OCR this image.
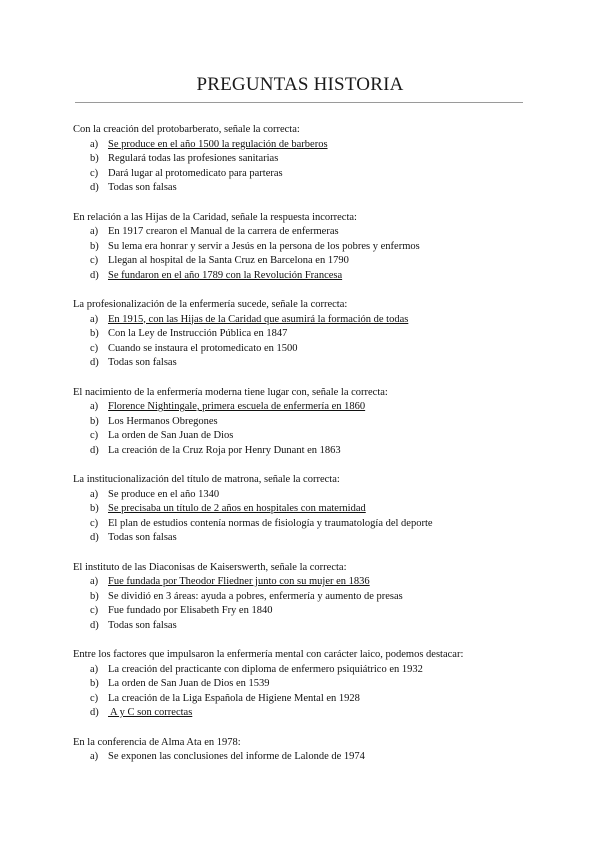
PREGUNTAS HISTORIA
Con la creación del protobarberato, señale la correcta:
a) Se produce en el año 1500 la regulación de barberos
b) Regulará todas las profesiones sanitarias
c) Dará lugar al protomedicato para parteras
d) Todas son falsas
En relación a las Hijas de la Caridad, señale la respuesta incorrecta:
a) En 1917 crearon el Manual de la carrera de enfermeras
b) Su lema era honrar y servir a Jesús en la persona de los pobres y enfermos
c) Llegan al hospital de la Santa Cruz en Barcelona en 1790
d) Se fundaron en el año 1789 con la Revolución Francesa
La profesionalización de la enfermería sucede, señale la correcta:
a) En 1915, con las Hijas de la Caridad que asumirá la formación de todas
b) Con la Ley de Instrucción Pública en 1847
c) Cuando se instaura el protomedicato en 1500
d) Todas son falsas
El nacimiento de la enfermería moderna tiene lugar con, señale la correcta:
a) Florence Nightingale, primera escuela de enfermería en 1860
b) Los Hermanos Obregones
c) La orden de San Juan de Dios
d) La creación de la Cruz Roja por Henry Dunant en 1863
La institucionalización del título de matrona, señale la correcta:
a) Se produce en el año 1340
b) Se precisaba un título de 2 años en hospitales con maternidad
c) El plan de estudios contenía normas de fisiología y traumatología del deporte
d) Todas son falsas
El instituto de las Diaconisas de Kaiserswerth, señale la correcta:
a) Fue fundada por Theodor Fliedner junto con su mujer en 1836
b) Se dividió en 3 áreas: ayuda a pobres, enfermería y aumento de presas
c) Fue fundado por Elisabeth Fry en 1840
d) Todas son falsas
Entre los factores que impulsaron la enfermería mental con carácter laico, podemos destacar:
a) La creación del practicante con diploma de enfermero psiquiátrico en 1932
b) La orden de San Juan de Dios en 1539
c) La creación de la Liga Española de Higiene Mental en 1928
d) A y C son correctas
En la conferencia de Alma Ata en 1978:
a) Se exponen las conclusiones del informe de Lalonde de 1974
